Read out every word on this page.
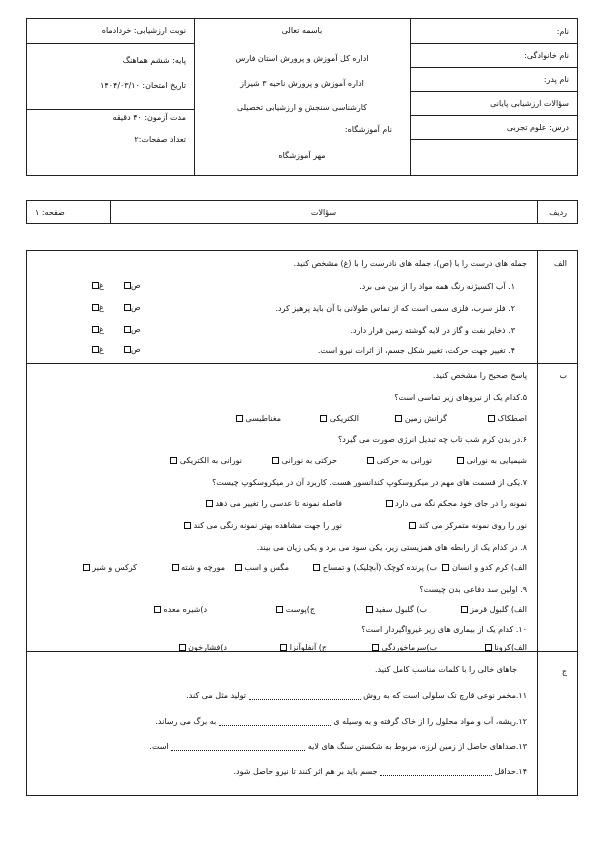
نوبت ارزشیابی: خردادماه
پایه: ششم هماهنگ
تاریخ امتحان: ۱۴۰۴/۰۳/۱۰
مدت آزمون: ۴۰ دقیقه
تعداد صفحات:۲
باسمه تعالی
اداره کل آموزش و پرورش استان فارس
اداره آموزش و پرورش ناحیه ۳ شیراز
کارشناسی سنجش و ارزشیابی تحصیلی
نام آموزشگاه:
مهر آموزشگاه
نام:
نام خانوادگی:
نام پدر:
سؤالات ارزشیابی پایانی
درس: علوم تجربی
ردیف
سؤالات
صفحه: ۱
الف
جمله های درست را با (ص)، جمله های نادرست را با (غ) مشخص کنید.
۱. آب اکسیژنه رنگ همه مواد را از بین می برد.
ص
غ
۲. فلز سرب، فلزی سمی است که از تماس طولانی با آن باید پرهیز کرد.
ص
غ
۳. ذخایر نفت و گاز در لایه گوشته زمین قرار دارد.
ص
غ
۴. تغییر جهت حرکت، تغییر شکل جسم، از اثرات نیرو است.
ص
غ
ب
پاسخ صحیح را مشخص کنید.
۵.کدام یک از نیروهای زیر تماسی است؟
اصطکاک
گرانش زمین
الکتریکی
مغناطیسی
۶.در بدن کرم شب تاب چه تبدیل انرژی صورت می گیرد؟
شیمیایی به نورانی
نورانی به حرکتی
حرکتی به نورانی
نورانی به الکتریکی
۷.یکی از قسمت های مهم در میکروسکوپ کندانسور هست. کاربرد آن در میکروسکوپ چیست؟
نمونه را در جای خود محکم نگه می دارد
فاصله نمونه تا عدسی را تغییر می دهد
نور را روی نمونه متمرکز می کند
نور را جهت مشاهده بهتر نمونه رنگی می کند
۸. در کدام یک از رابطه های همزیستی زیر، یکی سود می برد و یکی زیان می بیند.
الف) کرم کدو و انسان
ب) پرنده کوچک (آبچلیک) و تمساح
مگس و اسب
مورچه و شته
کرکس و شیر
۹. اولین سد دفاعی بدن چیست؟
الف) گلبول قرمز
ب) گلبول سفید
ج)پوست
د)شیره معده
۱۰. کدام یک از بیماری های زیر غیرواگیردار است؟
الف)کرونا
ب)سرماخوردگی
ج) آنفلوآنزا
د)فشارخون
ج
جاهای خالی را با کلمات مناسب کامل کنید.
۱۱.مخمر نوعی قارچ تک سلولی است که به روش  تولید مثل می کند.
۱۲.ریشه، آب و مواد محلول را از خاک گرفته و به وسیله ی  به برگ می رساند.
۱۳.صداهای حاصل از زمین لرزه، مربوط به شکستن سنگ های لایه  است.
۱۴.حداقل  جسم باید بر هم اثر کنند تا نیرو حاصل شود.
